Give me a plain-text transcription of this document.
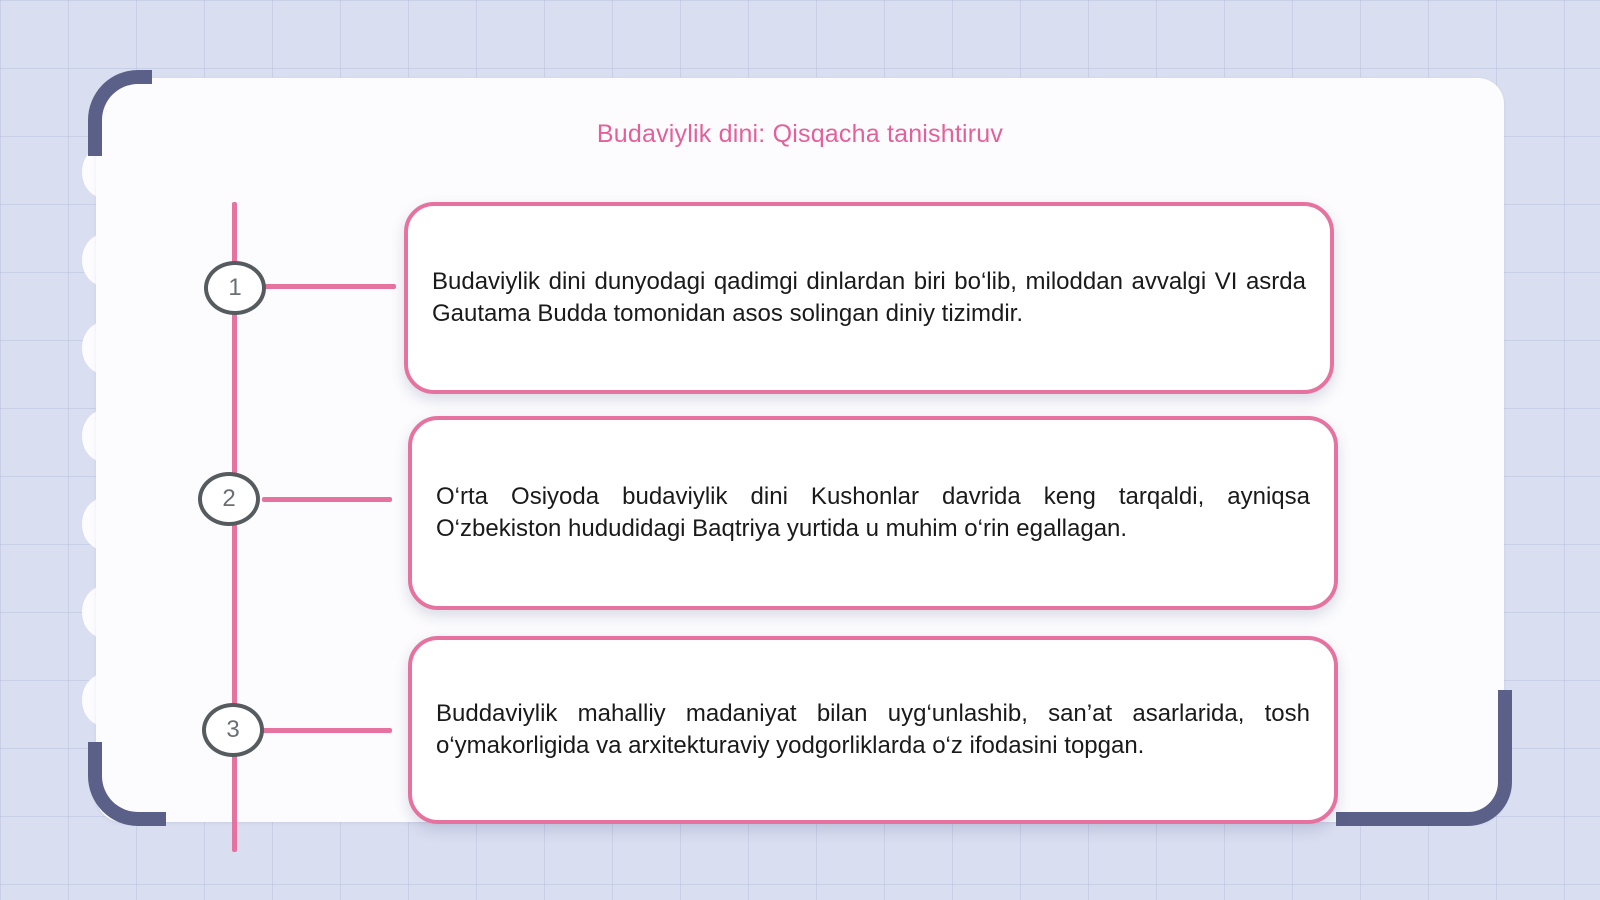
Budaviylik dini: Qisqacha tanishtiruv
1	Budaviylik dini dunyodagi qadimgi dinlardan biri bo‘lib, miloddan avvalgi VI asrda Gautama Budda tomonidan asos solingan diniy tizimdir.
2	O‘rta Osiyoda budaviylik dini Kushonlar davrida keng tarqaldi, ayniqsa O‘zbekiston hududidagi Baqtriya yurtida u muhim o‘rin egallagan.
3
Buddaviylik mahalliy madaniyat bilan uyg‘unlashib, san’at asarlarida, tosh o‘ymakorligida va arxitekturaviy yodgorliklarda o‘z ifodasini topgan.
